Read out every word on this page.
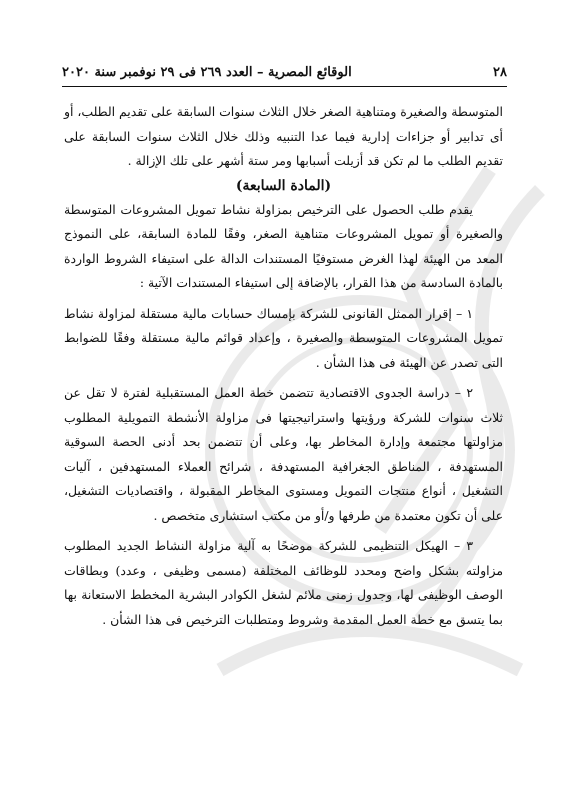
٢٨
الوقائع المصرية – العدد ٢٦٩ فى ٢٩ نوفمبر سنة ٢٠٢٠

المتوسطة والصغيرة ومتناهية الصغر خلال الثلاث سنوات السابقة على تقديم الطلب، أو أى تدابير أو جزاءات إدارية فيما عدا التنبيه وذلك خلال الثلاث سنوات السابقة على تقديم الطلب ما لم تكن قد أزيلت أسبابها ومر ستة أشهر على تلك الإزالة .

(المادة السابعة)

يقدم طلب الحصول على الترخيص بمزاولة نشاط تمويل المشروعات المتوسطة والصغيرة أو تمويل المشروعات متناهية الصغر، وفقًا للمادة السابقة، على النموذج المعد من الهيئة لهذا الغرض مستوفيًا المستندات الدالة على استيفاء الشروط الواردة بالمادة السادسة من هذا القرار، بالإضافة إلى استيفاء المستندات الآتية :

١ – إقرار الممثل القانونى للشركة بإمساك حسابات مالية مستقلة لمزاولة نشاط تمويل المشروعات المتوسطة والصغيرة ، وإعداد قوائم مالية مستقلة وفقًا للضوابط التى تصدر عن الهيئة فى هذا الشأن .

٢ – دراسة الجدوى الاقتصادية تتضمن خطة العمل المستقبلية لفترة لا تقل عن ثلاث سنوات للشركة ورؤيتها واستراتيجيتها فى مزاولة الأنشطة التمويلية المطلوب مزاولتها مجتمعة وإدارة المخاطر بها، وعلى أن تتضمن بحد أدنى الحصة السوقية المستهدفة ، المناطق الجغرافية المستهدفة ، شرائح العملاء المستهدفين ، آليات التشغيل ، أنواع منتجات التمويل ومستوى المخاطر المقبولة ، واقتصاديات التشغيل، على أن تكون معتمدة من طرفها و/أو من مكتب استشارى متخصص .

٣ – الهيكل التنظيمى للشركة موضحًا به آلية مزاولة النشاط الجديد المطلوب مزاولته بشكل واضح ومحدد للوظائف المختلفة (مسمى وظيفى ، وعدد) وبطاقات الوصف الوظيفى لها، وجدول زمنى ملائم لشغل الكوادر البشرية المخطط الاستعانة بها بما يتسق مع خطة العمل المقدمة وشروط ومتطلبات الترخيص فى هذا الشأن .
